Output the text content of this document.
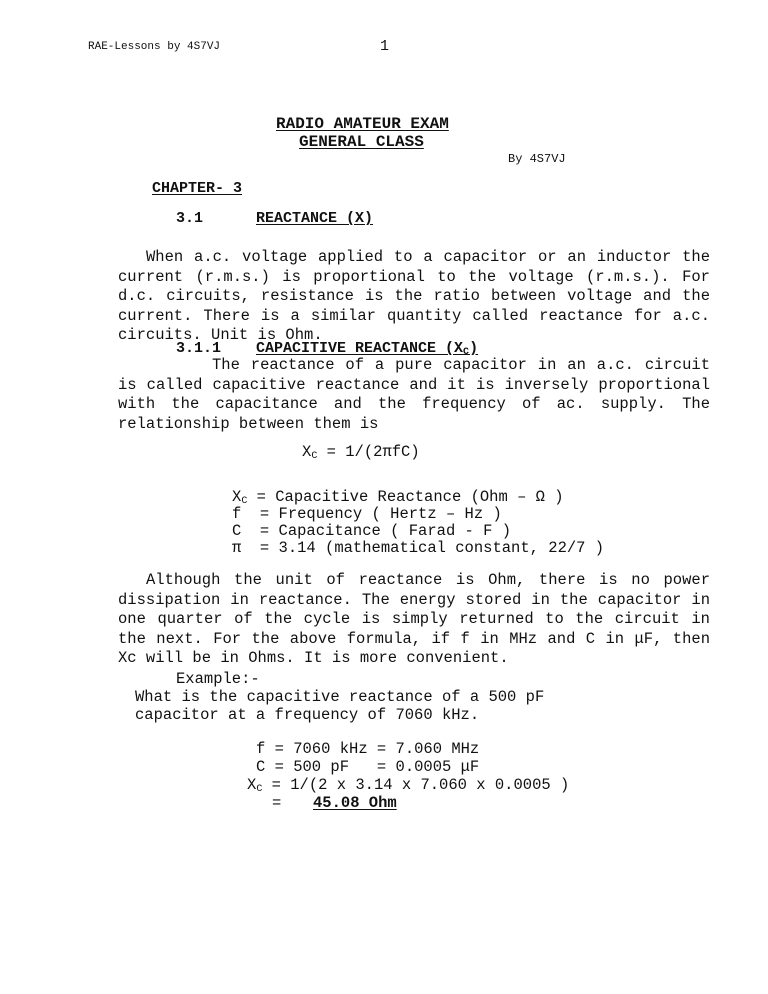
RAE-Lessons by 4S7VJ	1
RADIO AMATEUR EXAM
GENERAL CLASS
By 4S7VJ
CHAPTER- 3
3.1	REACTANCE (X)

When a.c. voltage applied to a capacitor or an inductor the current (r.m.s.) is proportional to the voltage (r.m.s.). For d.c. circuits, resistance is the ratio between voltage and the current. There is a similar quantity called reactance for a.c. circuits. Unit is Ohm.

3.1.1 CAPACITIVE REACTANCE $(X_C)$

The reactance of a pure capacitor in an a.c. circuit is called capacitive reactance and it is inversely proportional with the capacitance and the frequency of ac. supply. The relationship between them is

$X_C = 1/(2\pi fC)$
$X_C$ = Capacitive Reactance (Ohm – Ω )
f  = Frequency ( Hertz – Hz )
C  = Capacitance ( Farad - F )
π  = 3.14 (mathematical constant, 22/7 )

Although the unit of reactance is Ohm, there is no power dissipation in reactance. The energy stored in the capacitor in one quarter of the cycle is simply returned to the circuit in the next. For the above formula, if f in MHz and C in μF, then Xc will be in Ohms. It is more convenient.

Example:-
What is the capacitive reactance of a 500 pF
capacitor at a frequency of 7060 kHz.
f = 7060 kHz = 7.060 MHz
C = 500 pF   = 0.0005 μF
$X_C = 1/(2$ x 3.14 x 7.060 x 0.0005 )
= 45.08 Ohm
